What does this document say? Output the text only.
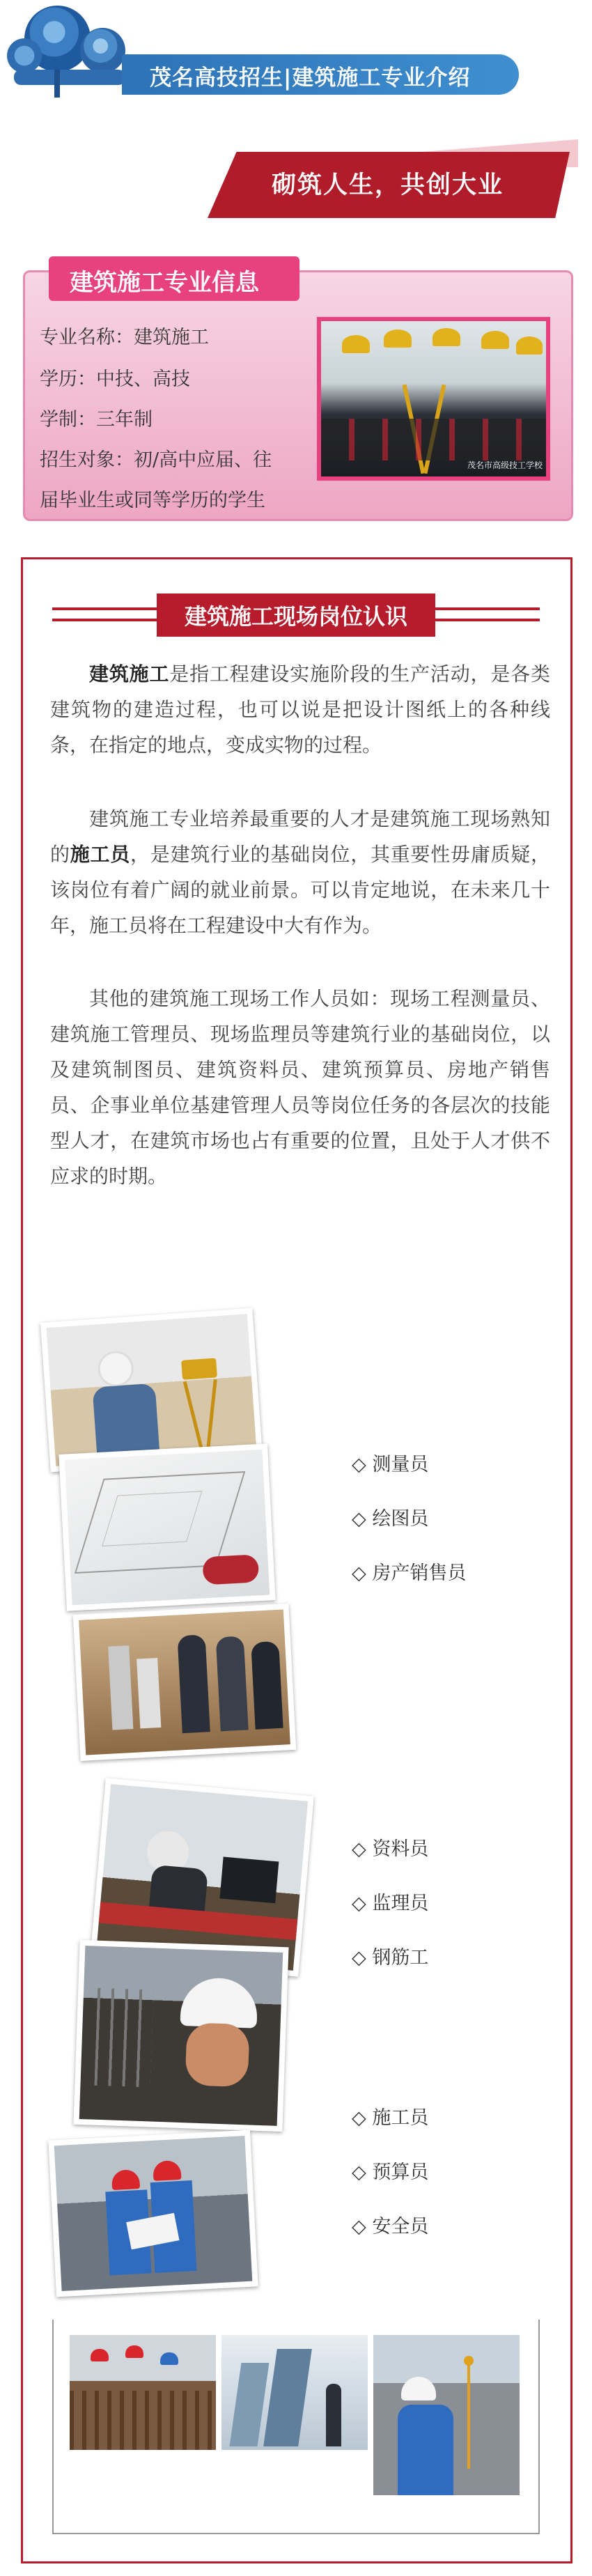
茂名高技招生|建筑施工专业介绍
砌筑人生，共创大业
建筑施工专业信息
专业名称：建筑施工
学历：中技、高技
学制：三年制
招生对象：初/高中应届、往
届毕业生或同等学历的学生
茂名市高级技工学校
建筑施工现场岗位认识

建筑施工是指工程建设实施阶段的生产活动，是各类建筑物的建造过程，也可以说是把设计图纸上的各种线条，在指定的地点，变成实物的过程。

建筑施工专业培养最重要的人才是建筑施工现场熟知的施工员，是建筑行业的基础岗位，其重要性毋庸质疑，该岗位有着广阔的就业前景。可以肯定地说，在未来几十年，施工员将在工程建设中大有作为。

其他的建筑施工现场工作人员如：现场工程测量员、建筑施工管理员、现场监理员等建筑行业的基础岗位，以及建筑制图员、建筑资料员、建筑预算员、房地产销售员、企事业单位基建管理人员等岗位任务的各层次的技能型人才，在建筑市场也占有重要的位置，且处于人才供不应求的时期。

◇ 测量员
◇ 绘图员
◇ 房产销售员
◇ 资料员
◇ 监理员
◇ 钢筋工
◇ 施工员
◇ 预算员
◇ 安全员
